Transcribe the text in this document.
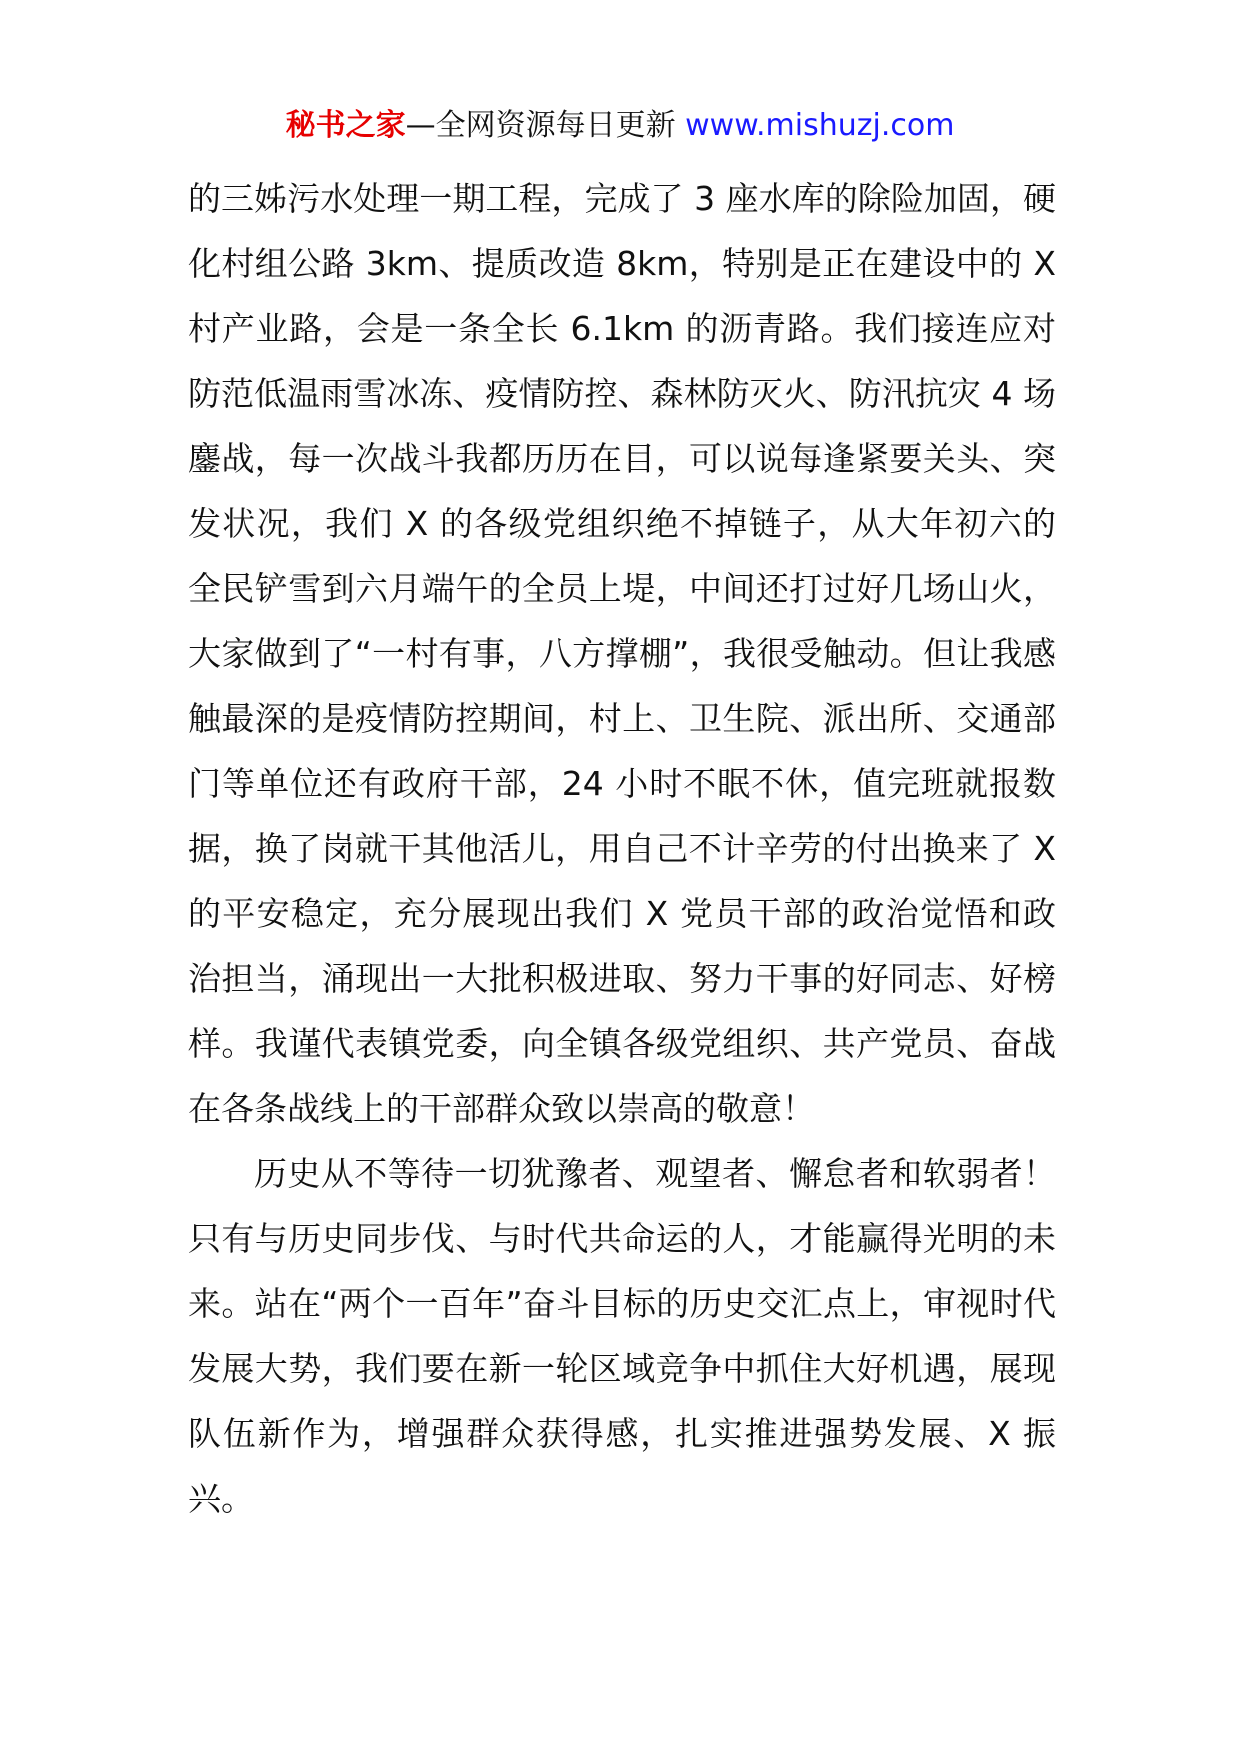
秘书之家—全网资源每日更新 www.mishuzj.com

的三姊污水处理一期工程，完成了 3 座水库的除险加固，硬化村组公路 3km、提质改造 8km，特别是正在建设中的 X 村产业路，会是一条全长 6.1km 的沥青路。我们接连应对防范低温雨雪冰冻、疫情防控、森林防灭火、防汛抗灾 4 场鏖战，每一次战斗我都历历在目，可以说每逢紧要关头、突发状况，我们 X 的各级党组织绝不掉链子，从大年初六的全民铲雪到六月端午的全员上堤，中间还打过好几场山火，大家做到了“一村有事，八方撑棚”，我很受触动。但让我感触最深的是疫情防控期间，村上、卫生院、派出所、交通部门等单位还有政府干部，24 小时不眠不休，值完班就报数据，换了岗就干其他活儿，用自己不计辛劳的付出换来了 X 的平安稳定，充分展现出我们 X 党员干部的政治觉悟和政治担当，涌现出一大批积极进取、努力干事的好同志、好榜样。我谨代表镇党委，向全镇各级党组织、共产党员、奋战在各条战线上的干部群众致以崇高的敬意！

历史从不等待一切犹豫者、观望者、懈怠者和软弱者！只有与历史同步伐、与时代共命运的人，才能赢得光明的未来。站在“两个一百年”奋斗目标的历史交汇点上，审视时代发展大势，我们要在新一轮区域竞争中抓住大好机遇，展现队伍新作为，增强群众获得感，扎实推进强势发展、X 振兴。
